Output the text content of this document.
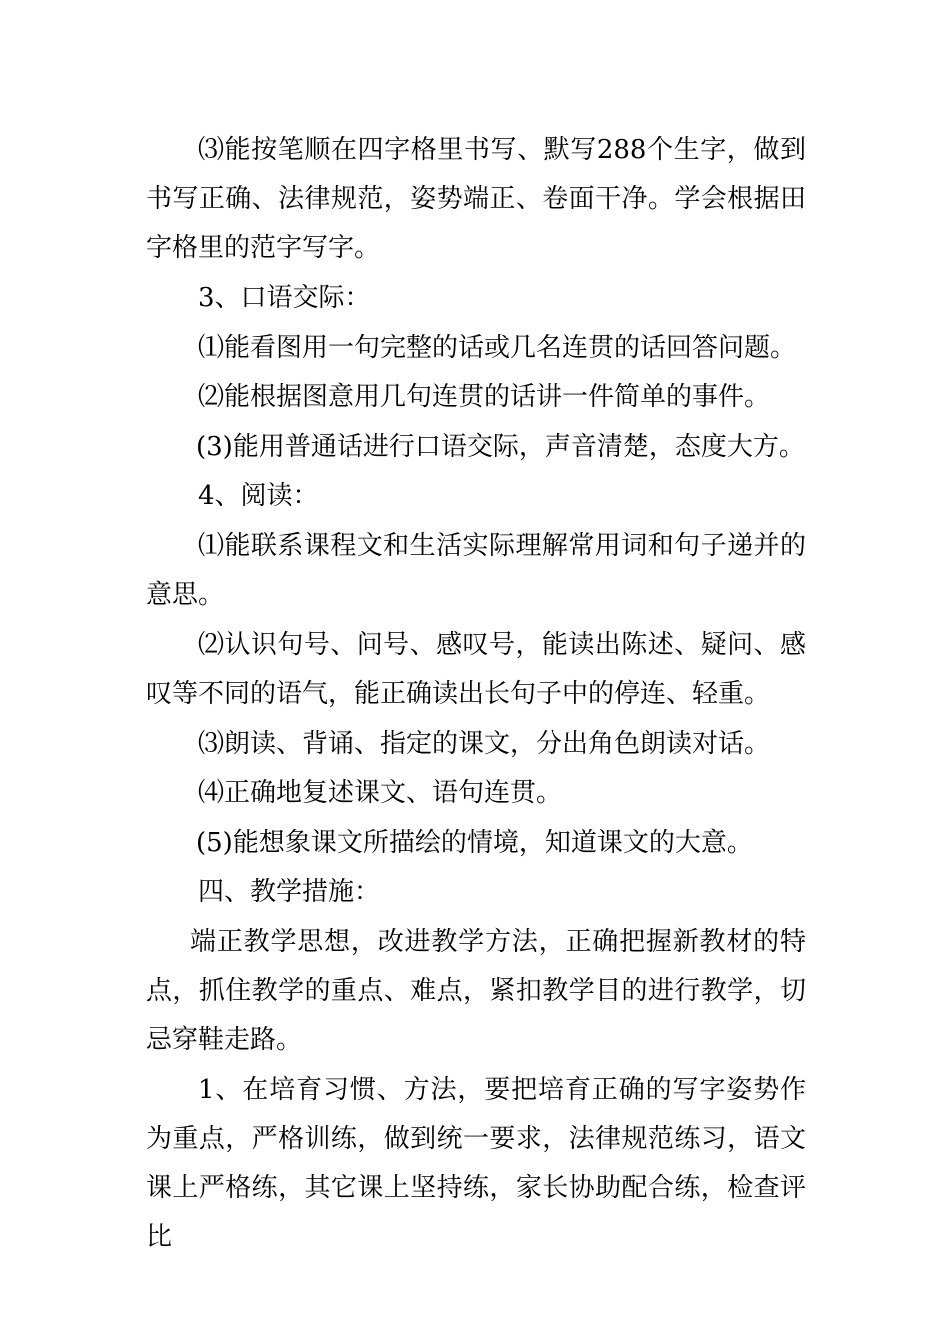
⑶能按笔顺在四字格里书写、默写288个生字，做到书写正确、法律规范，姿势端正、卷面干净。学会根据田字格里的范字写字。

3、口语交际：

⑴能看图用一句完整的话或几名连贯的话回答问题。

⑵能根据图意用几句连贯的话讲一件简单的事件。

(3)能用普通话进行口语交际，声音清楚，态度大方。

4、阅读：

⑴能联系课程文和生活实际理解常用词和句子递并的意思。

⑵认识句号、问号、感叹号，能读出陈述、疑问、感叹等不同的语气，能正确读出长句子中的停连、轻重。

⑶朗读、背诵、指定的课文，分出角色朗读对话。

⑷正确地复述课文、语句连贯。

(5)能想象课文所描绘的情境，知道课文的大意。

四、教学措施：

端正教学思想，改进教学方法，正确把握新教材的特点，抓住教学的重点、难点，紧扣教学目的进行教学，切忌穿鞋走路。

1、在培育习惯、方法，要把培育正确的写字姿势作为重点，严格训练，做到统一要求，法律规范练习，语文课上严格练，其它课上坚持练，家长协助配合练，检查评比
